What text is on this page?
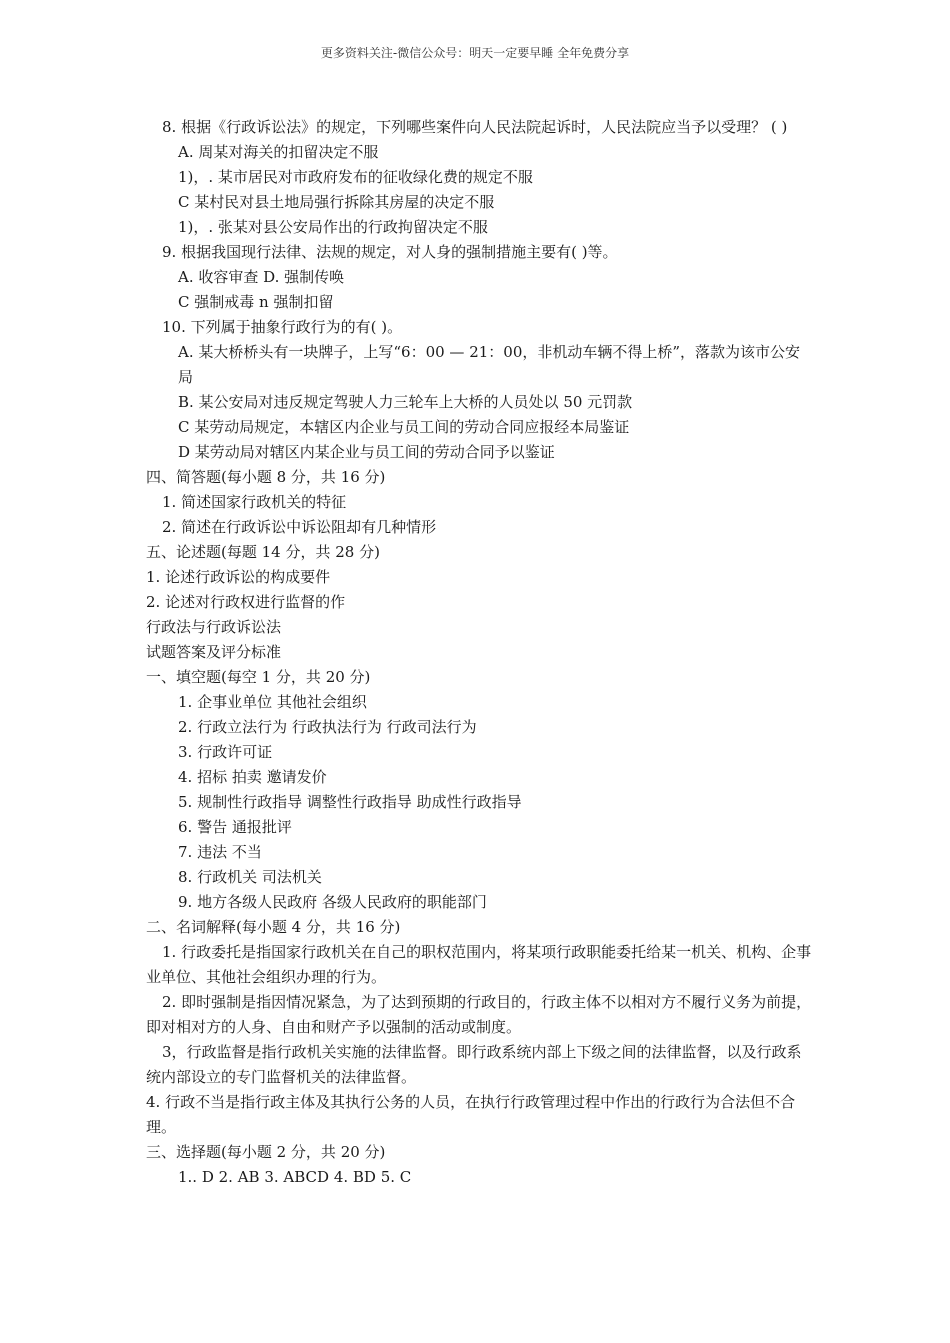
更多资料关注-微信公众号：明天一定要早睡 全年免费分享
8. 根据《行政诉讼法》的规定，下列哪些案件向人民法院起诉时，人民法院应当予以受理？ ( )
A. 周某对海关的扣留决定不服
1)，. 某市居民对市政府发布的征收绿化费的规定不服
C 某村民对县土地局强行拆除其房屋的决定不服
1)，. 张某对县公安局作出的行政拘留决定不服
9. 根据我国现行法律、法规的规定，对人身的强制措施主要有( )等。
A. 收容审查 D. 强制传唤
C 强制戒毒 n 强制扣留
10. 下列属于抽象行政行为的有( )。
A. 某大桥桥头有一块牌子，上写“6：00 — 21：00，非机动车辆不得上桥”，落款为该市公安局
B. 某公安局对违反规定驾驶人力三轮车上大桥的人员处以 50 元罚款
C 某劳动局规定，本辖区内企业与员工间的劳动合同应报经本局鉴证
D 某劳动局对辖区内某企业与员工间的劳动合同予以鉴证
四、简答题(每小题 8 分，共 16 分)
1. 简述国家行政机关的特征
2. 简述在行政诉讼中诉讼阻却有几种情形
五、论述题(每题 14 分，共 28 分)
1. 论述行政诉讼的构成要件
2. 论述对行政权进行监督的作
行政法与行政诉讼法
试题答案及评分标准
一、填空题(每空 1 分，共 20 分)
1. 企事业单位 其他社会组织
2. 行政立法行为 行政执法行为 行政司法行为
3. 行政许可证
4. 招标 拍卖 邀请发价
5. 规制性行政指导 调整性行政指导 助成性行政指导
6. 警告 通报批评
7. 违法 不当
8. 行政机关 司法机关
9. 地方各级人民政府 各级人民政府的职能部门
二、名词解释(每小题 4 分，共 16 分)
1. 行政委托是指国家行政机关在自己的职权范围内，将某项行政职能委托给某一机关、机构、企事业单位、其他社会组织办理的行为。
2. 即时强制是指因情况紧急，为了达到预期的行政目的，行政主体不以相对方不履行义务为前提，即对相对方的人身、自由和财产予以强制的活动或制度。
3，行政监督是指行政机关实施的法律监督。即行政系统内部上下级之间的法律监督，以及行政系统内部设立的专门监督机关的法律监督。
4. 行政不当是指行政主体及其执行公务的人员，在执行行政管理过程中作出的行政行为合法但不合理。
三、选择题(每小题 2 分，共 20 分)
1.. D 2. AB 3. ABCD 4. BD 5. C
